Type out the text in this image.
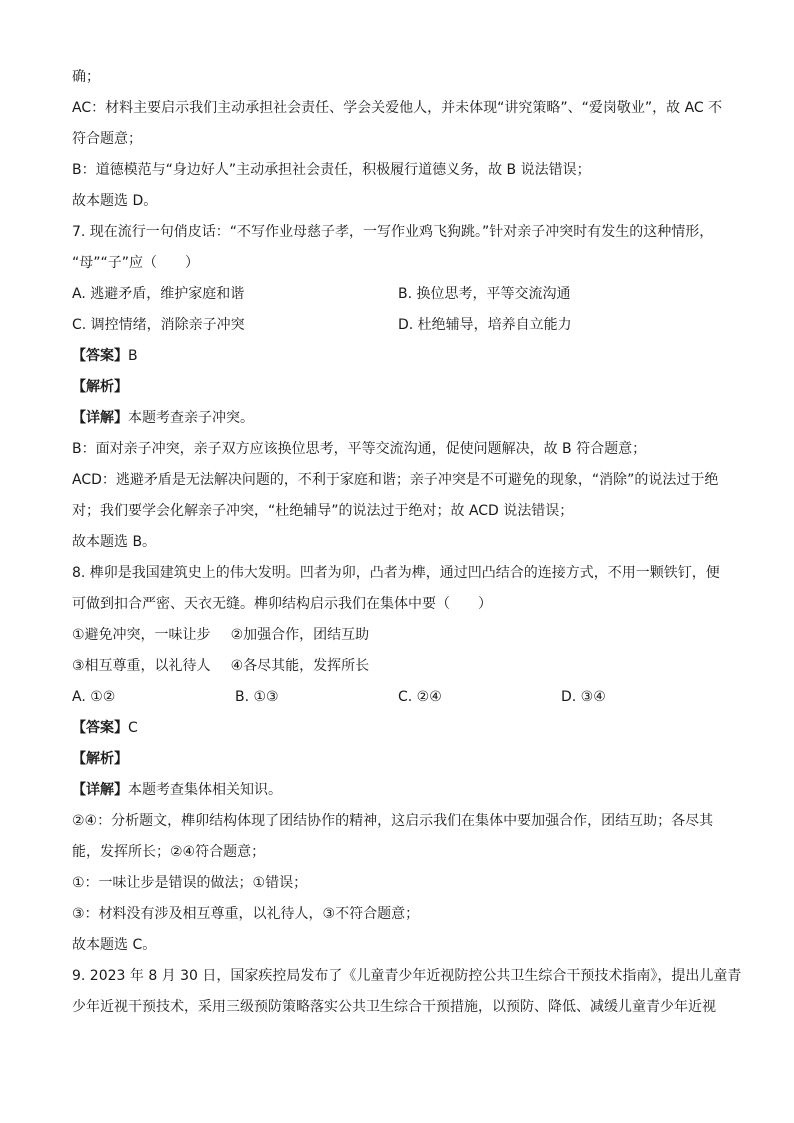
确；
AC：材料主要启示我们主动承担社会责任、学会关爱他人，并未体现“讲究策略”、“爱岗敬业”，故 AC 不
符合题意；
B：道德模范与“身边好人”主动承担社会责任，积极履行道德义务，故 B 说法错误；
故本题选 D。
7. 现在流行一句俏皮话：“不写作业母慈子孝，一写作业鸡飞狗跳。”针对亲子冲突时有发生的这种情形，
“母”“子”应（　　）
A. 逃避矛盾，维护家庭和谐	B. 换位思考，平等交流沟通
C. 调控情绪，消除亲子冲突	D. 杜绝辅导，培养自立能力
【答案】B
【解析】
【详解】本题考查亲子冲突。
B：面对亲子冲突，亲子双方应该换位思考，平等交流沟通，促使问题解决，故 B 符合题意；
ACD：逃避矛盾是无法解决问题的，不利于家庭和谐；亲子冲突是不可避免的现象，“消除”的说法过于绝
对；我们要学会化解亲子冲突，“杜绝辅导”的说法过于绝对；故 ACD 说法错误；
故本题选 B。
8. 榫卯是我国建筑史上的伟大发明。凹者为卯，凸者为榫，通过凹凸结合的连接方式，不用一颗铁钉，便
可做到扣合严密、天衣无缝。榫卯结构启示我们在集体中要（　　）
①避免冲突，一味让步 ②加强合作，团结互助
③相互尊重，以礼待人 ④各尽其能，发挥所长
A. ①②	B. ①③	C. ②④	D. ③④
【答案】C
【解析】
【详解】本题考查集体相关知识。
②④：分析题文，榫卯结构体现了团结协作的精神，这启示我们在集体中要加强合作，团结互助；各尽其
能，发挥所长；②④符合题意；
①：一味让步是错误的做法；①错误；
③：材料没有涉及相互尊重，以礼待人，③不符合题意；
故本题选 C。
9. 2023 年 8 月 30 日，国家疾控局发布了《儿童青少年近视防控公共卫生综合干预技术指南》，提出儿童青
少年近视干预技术，采用三级预防策略落实公共卫生综合干预措施，以预防、降低、减缓儿童青少年近视
